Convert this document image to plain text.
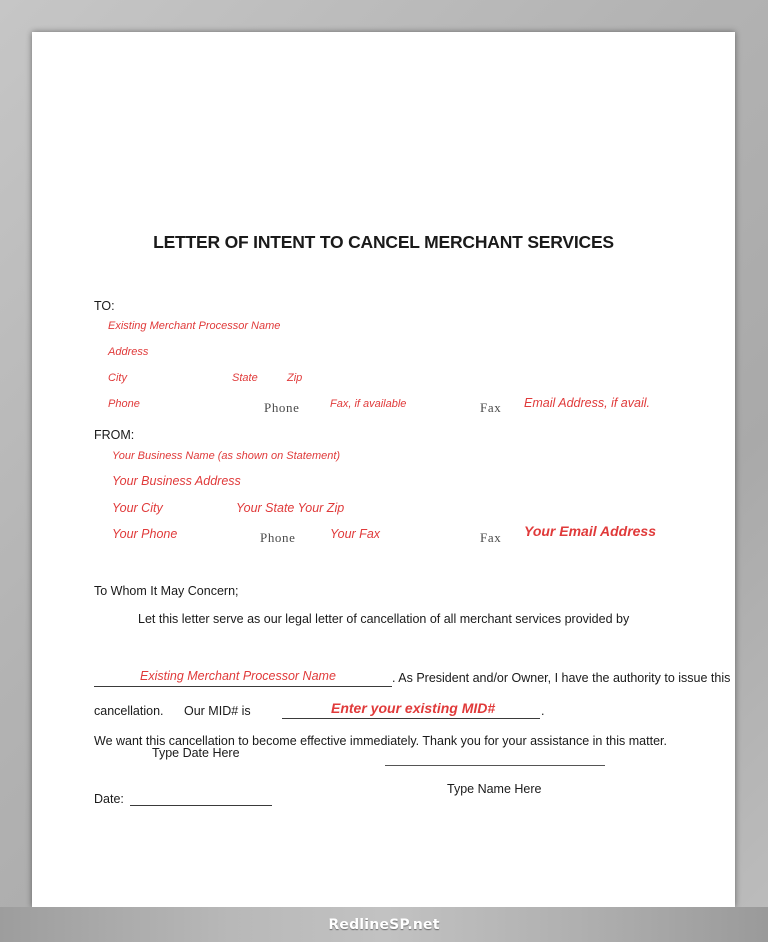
LETTER OF INTENT TO CANCEL MERCHANT SERVICES
TO:
Existing Merchant Processor Name
Address
City	State	Zip
Phone	Phone	Fax, if available	Fax Email Address, if avail.
FROM:
Your Business Name (as shown on Statement)
Your Business Address
Your City	Your State Your Zip
Your Phone	Phone	Your Fax	Fax Your Email Address
To Whom It May Concern;
Let this letter serve as our legal letter of cancellation of all merchant services provided by
Existing Merchant Processor Name	. As President and/or Owner, I have the authority to issue this
cancellation. Our MID# is	Enter your existing MID#	.
We want this cancellation to become effective immediately. Thank you for your assistance in this matter.
Date:
Type Date Here
Type Name Here
RedlineSP.net
